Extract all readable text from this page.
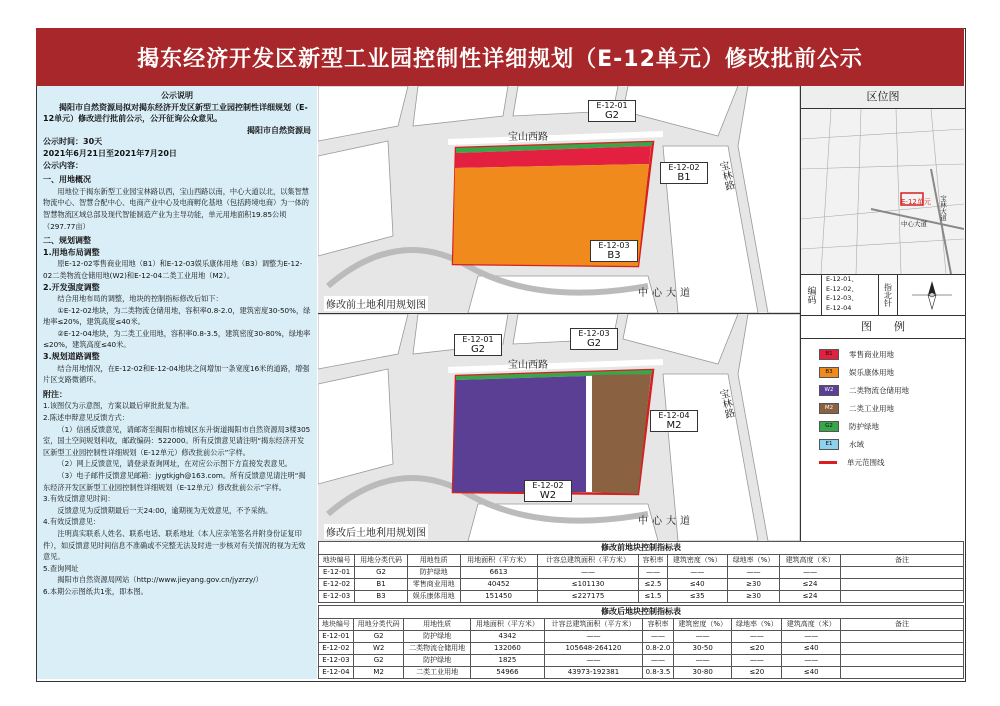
揭东经济开发区新型工业园控制性详细规划（E-12单元）修改批前公示
公示说明
揭阳市自然资源局拟对揭东经济开发区新型工业园控制性详细规划（E-12单元）修改进行批前公示，公开征询公众意见。
揭阳市自然资源局
公示时间：30天
2021年6月21日至2021年7月20日
公示内容：
一、用地概况
用地位于揭东新型工业园宝林路以西，宝山西路以南，中心大道以北，以集智慧物流中心、智慧合配中心、电商产业中心及电商孵化基地（包括跨境电商）为一体的智慧物流区域总部及现代智能制造产业为主导功能，单元用地面积19.85公顷（297.77亩）
二、规划调整
1.用地布局调整
原E-12-02零售商业用地（B1）和E-12-03娱乐康体用地（B3）调整为E-12-02二类物流仓储用地(W2)和E-12-04二类工业用地（M2）。
2.开发强度调整
结合用地布局的调整，地块的控制指标修改后如下：
①E-12-02地块，为二类物流仓储用地，容积率0.8-2.0，建筑密度30-50%，绿地率≤20%，建筑高度≤40米。
②E-12-04地块，为二类工业用地，容积率0.8-3.5，建筑密度30-80%，绿地率≤20%，建筑高度≤40米。
3.规划道路调整
结合用地情况，在E-12-02和E-12-04地块之间增加一条宽度16米的道路，增强片区支路微循环。
附注：
1.该图仅为示意图，方案以最后审批批复为准。
2.陈述申辩意见反馈方式：
（1）信函反馈意见，请邮寄至揭阳市榕城区东升街道揭阳市自然资源局3楼305室，国土空间规划科收，邮政编码：522000。所有反馈意见请注明“揭东经济开发区新型工业园控制性详细规划（E-12单元）修改批前公示”字样。
（2）网上反馈意见，请登录查询网址，在对应公示图下方直接发表意见。
（3）电子邮件反馈意见邮箱：jygtkjgh@163.com。所有反馈意见请注明“揭东经济开发区新型工业园控制性详细规划（E-12单元）修改批前公示”字样。
3.有效反馈意见时间：
反馈意见为反馈期最后一天24:00，逾期视为无效意见，不予采纳。
4.有效反馈意见：
注明真实联系人姓名、联系电话、联系地址（本人应亲笔签名并附身份证复印件），如反馈意见时间信息不准确或不完整无法及时进一步核对有关情况的视为无效意见。
5.查询网址
揭阳市自然资源局网站（http://www.jieyang.gov.cn/jyzrzy/）
6.本期公示图纸共1张，即本图。
宝山西路
宝林路
中心大道
E-12-01
G2
E-12-02
B1
E-12-03
B3
修改前土地利用规划图
宝山西路
宝林路
中心大道
E-12-01
G2
E-12-03
G2
E-12-04
M2
E-12-02
W2
修改后土地利用规划图
区位图
E-12单元
中心大道
宝林大道
编码
E-12-01、
E-12-02、
E-12-03、
E-12-04
指北针
图　　例
B1	零售商业用地
B3	娱乐康体用地
W2	二类物流仓储用地
M2	二类工业用地
G2	防护绿地
E1	水域
单元范围线
修改前地块控制指标表									
地块编号	用地分类代码	用地性质	用地面积（平方米）	计容总建筑面积（平方米）	容积率	建筑密度（%）	绿地率（%）	建筑高度（米）	备注
E-12-01	G2	防护绿地	6613	——	——	——	——	——	
E-12-02	B1	零售商业用地	40452	≤101130	≤2.5	≤40	≥30	≤24	
E-12-03	B3	娱乐康体用地	151450	≤227175	≤1.5	≤35	≥30	≤24	
修改后地块控制指标表									
地块编号	用地分类代码	用地性质	用地面积（平方米）	计容总建筑面积（平方米）	容积率	建筑密度（%）	绿地率（%）	建筑高度（米）	备注
E-12-01	G2	防护绿地	4342	——	——	——	——	——	
E-12-02	W2	二类物流仓储用地	132060	105648-264120	0.8-2.0	30-50	≤20	≤40	
E-12-03	G2	防护绿地	1825	——	——	——	——	——	
E-12-04	M2	二类工业用地	54966	43973-192381	0.8-3.5	30-80	≤20	≤40	
